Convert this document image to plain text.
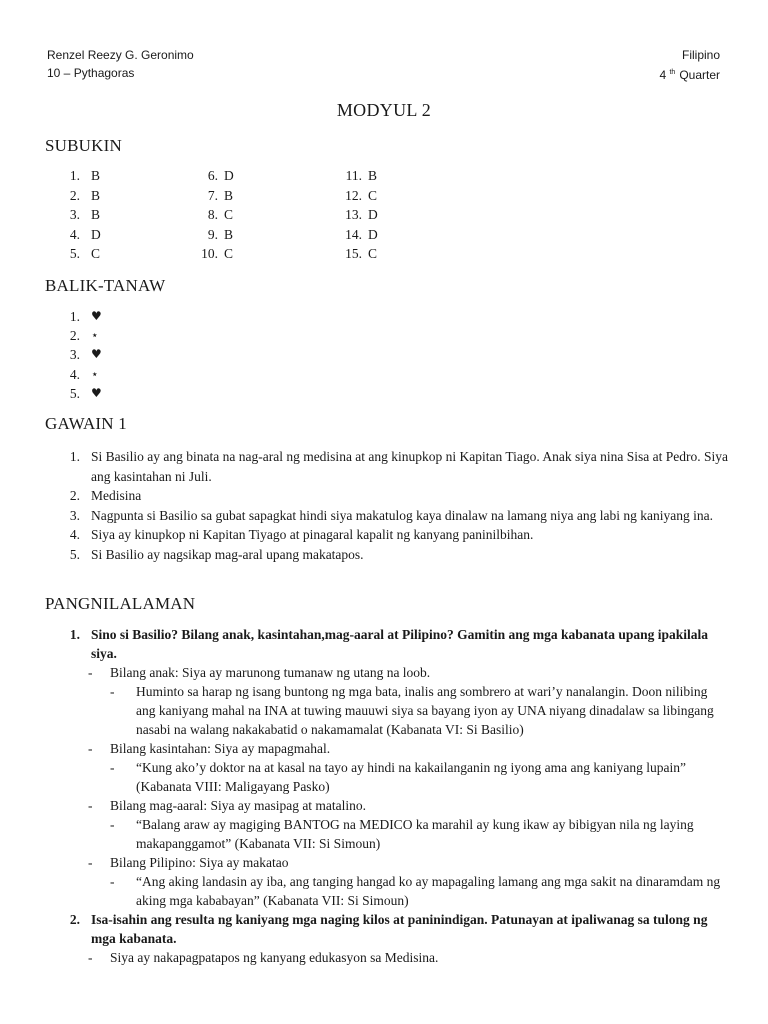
Renzel Reezy G. Geronimo
10 – Pythagoras
Filipino
4 $^{th}$ Quarter
MODYUL 2
SUBUKIN
1. B
2. B
3. B
4. D
5. C
6. D
7. B
8. C
9. B
10. C
11. B
12. C
13. D
14. D
15. C
BALIK-TANAW
1. ♥
2. ⋆
3. ♥
4. ⋆
5. ♥
GAWAIN 1
1. Si Basilio ay ang binata na nag-aral ng medisina at ang kinupkop ni Kapitan Tiago. Anak siya nina Sisa at Pedro. Siya ang kasintahan ni Juli.
2. Medisina
3. Nagpunta si Basilio sa gubat sapagkat hindi siya makatulog kaya dinalaw na lamang niya ang labi ng kaniyang ina.
4. Siya ay kinupkop ni Kapitan Tiyago at pinagaral kapalit ng kanyang paninilbihan.
5. Si Basilio ay nagsikap mag-aral upang makatapos.
PANGNILALAMAN
1. Sino si Basilio? Bilang anak, kasintahan,mag-aaral at Pilipino? Gamitin ang mga kabanata upang ipakilala siya.
-	Bilang anak: Siya ay marunong tumanaw ng utang na loob.
-	Huminto sa harap ng isang buntong ng mga bata, inalis ang sombrero at wari’y nanalangin. Doon nilibing ang kaniyang mahal na INA at tuwing mauuwi siya sa bayang iyon ay UNA niyang dinadalaw sa libingang nasabi na walang nakakabatid o nakamamalat (Kabanata VI: Si Basilio)
-	Bilang kasintahan: Siya ay mapagmahal.
-	“Kung ako’y doktor na at kasal na tayo ay hindi na kakailanganin ng iyong ama ang kaniyang lupain” (Kabanata VIII: Maligayang Pasko)
-	Bilang mag-aaral: Siya ay masipag at matalino.
-	“Balang araw ay magiging BANTOG na MEDICO ka marahil ay kung ikaw ay bibigyan nila ng laying makapanggamot” (Kabanata VII: Si Simoun)
-	Bilang Pilipino: Siya ay makatao
-	“Ang aking landasin ay iba, ang tanging hangad ko ay mapagaling lamang ang mga sakit na dinaramdam ng aking mga kababayan” (Kabanata VII: Si Simoun)
2. Isa-isahin ang resulta ng kaniyang mga naging kilos at paninindigan. Patunayan at ipaliwanag sa tulong ng mga kabanata.
-	Siya ay nakapagpatapos ng kanyang edukasyon sa Medisina.
